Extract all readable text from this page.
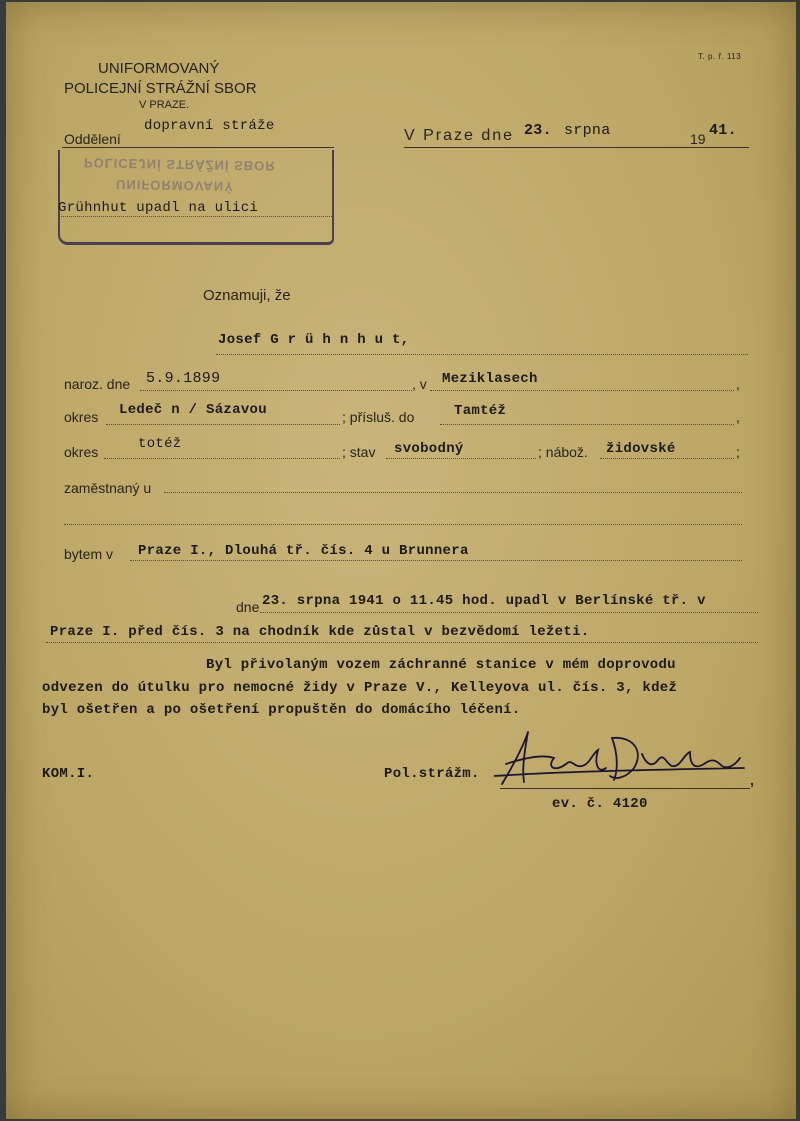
T. p. ř. 113
UNIFORMOVANÝ
POLICEJNÍ STRÁŽNÍ SBOR
V PRAZE.
Oddělení
dopravní stráže
V Praze dne 23. srpna	19 41.
POLICEJNÍ STRÁŽNÍ SBOR
UNIFORMOVANÝ
Grühnhut upadl na ulici
Oznamuji, že
Josef G r ü h n h u t,
naroz. dne 5.9.1899	, v Meziklasech	,
okres Ledeč n / Sázavou	; přísluš. do	Tamtéž	,
okres	totéž	; stav svobodný	; nábož. židovské	;
zaměstnaný u
bytem v Praze I., Dlouhá tř. čís. 4 u Brunnera
dne 23. srpna 1941 o 11.45 hod. upadl v Berlínské tř. v
Praze I. před čís. 3 na chodník kde zůstal v bezvědomí ležeti.
Byl přivolaným vozem záchranné stanice v mém doprovodu
odvezen do útulku pro nemocné židy v Praze V., Kelleyova ul. čís. 3, kdež
byl ošetřen a po ošetření propuštěn do domácího léčení.
KOM.I.	Pol.strážm.	,
ev. č. 4120
